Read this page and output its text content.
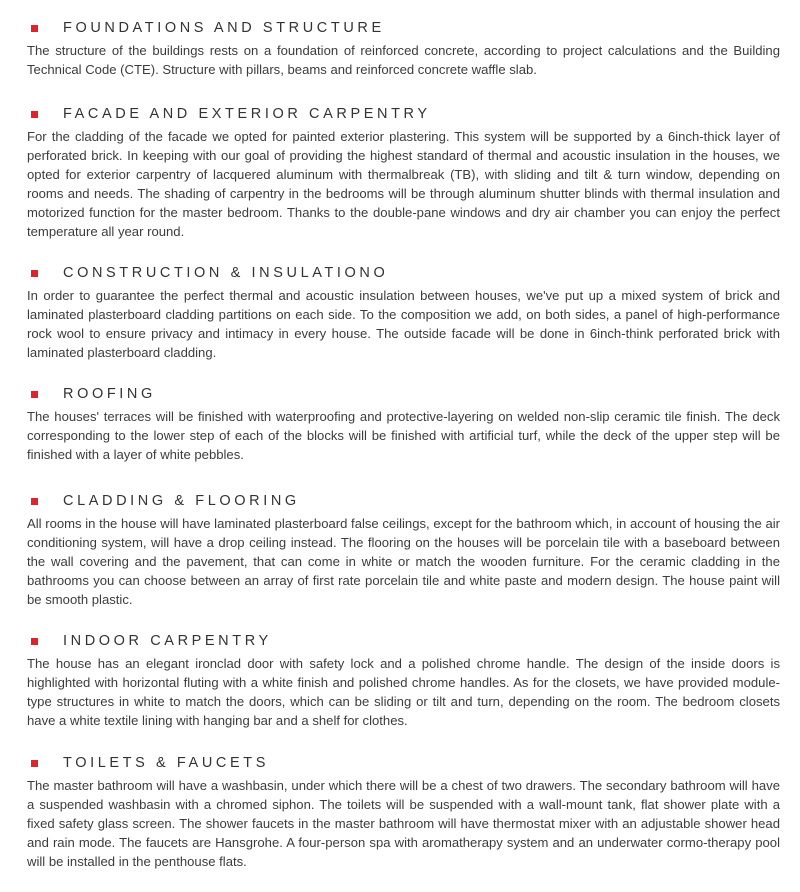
FOUNDATIONS AND STRUCTURE

The structure of the buildings rests on a foundation of reinforced concrete, according to project calculations and the Building Technical Code (CTE). Structure with pillars, beams and reinforced concrete waffle slab.

FACADE AND EXTERIOR CARPENTRY

For the cladding of the facade we opted for painted exterior plastering. This system will be supported by a 6inch-thick layer of perforated brick. In keeping with our goal of providing the highest standard of thermal and acoustic insulation in the houses, we opted for exterior carpentry of lacquered aluminum with thermalbreak (TB), with sliding and tilt & turn window, depending on rooms and needs. The shading of carpentry in the bedrooms will be through aluminum shutter blinds with thermal insulation and motorized function for the master bedroom. Thanks to the double-pane windows and dry air chamber you can enjoy the perfect temperature all year round.

CONSTRUCTION & INSULATIONO

In order to guarantee the perfect thermal and acoustic insulation between houses, we've put up a mixed system of brick and laminated plasterboard cladding partitions on each side. To the composition we add, on both sides, a panel of high-performance rock wool to ensure privacy and intimacy in every house. The outside facade will be done in 6inch-think perforated brick with laminated plasterboard cladding.

ROOFING

The houses' terraces will be finished with waterproofing and protective-layering on welded non-slip ceramic tile finish. The deck corresponding to the lower step of each of the blocks will be finished with artificial turf, while the deck of the upper step will be finished with a layer of white pebbles.

CLADDING & FLOORING

All rooms in the house will have laminated plasterboard false ceilings, except for the bathroom which, in account of housing the air conditioning system, will have a drop ceiling instead. The flooring on the houses will be porcelain tile with a baseboard between the wall covering and the pavement, that can come in white or match the wooden furniture. For the ceramic cladding in the bathrooms you can choose between an array of first rate porcelain tile and white paste and modern design. The house paint will be smooth plastic.

INDOOR CARPENTRY

The house has an elegant ironclad door with safety lock and a polished chrome handle. The design of the inside doors is highlighted with horizontal fluting with a white finish and polished chrome handles. As for the closets, we have provided module-type structures in white to match the doors, which can be sliding or tilt and turn, depending on the room. The bedroom closets have a white textile lining with hanging bar and a shelf for clothes.

TOILETS & FAUCETS

The master bathroom will have a washbasin, under which there will be a chest of two drawers. The secondary bathroom will have a suspended washbasin with a chromed siphon. The toilets will be suspended with a wall-mount tank, flat shower plate with a fixed safety glass screen. The shower faucets in the master bathroom will have thermostat mixer with an adjustable shower head and rain mode. The faucets are Hansgrohe. A four-person spa with aromatherapy system and an underwater cormo-therapy pool will be installed in the penthouse flats.
